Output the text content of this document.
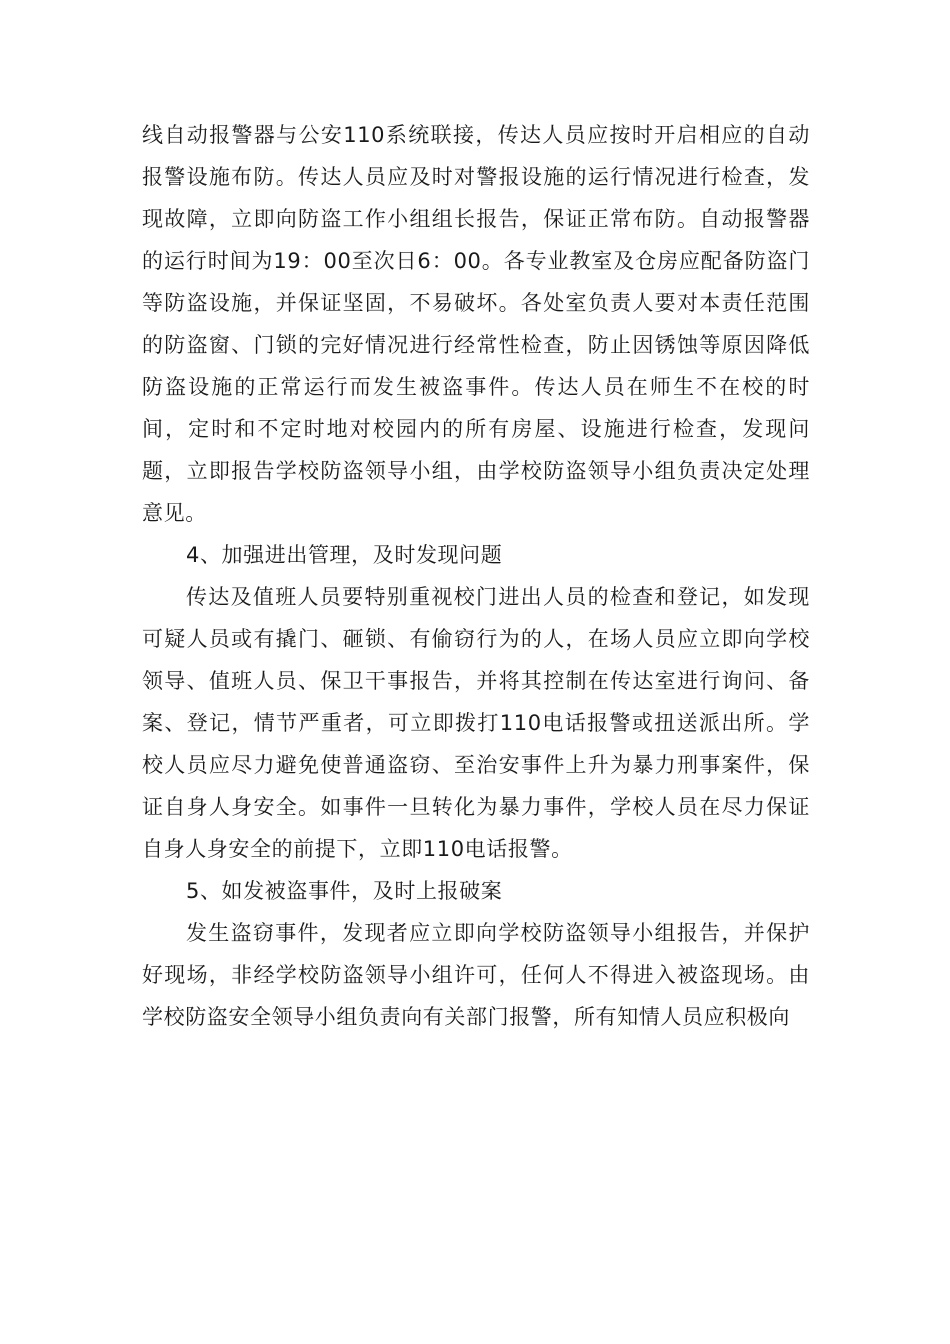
线自动报警器与公安110系统联接，传达人员应按时开启相应的自动报警设施布防。传达人员应及时对警报设施的运行情况进行检查，发现故障，立即向防盗工作小组组长报告，保证正常布防。自动报警器的运行时间为19：00至次日6：00。各专业教室及仓房应配备防盗门等防盗设施，并保证坚固，不易破坏。各处室负责人要对本责任范围的防盗窗、门锁的完好情况进行经常性检查，防止因锈蚀等原因降低防盗设施的正常运行而发生被盗事件。传达人员在师生不在校的时间，定时和不定时地对校园内的所有房屋、设施进行检查，发现问题，立即报告学校防盗领导小组，由学校防盗领导小组负责决定处理意见。

4、加强进出管理，及时发现问题

传达及值班人员要特别重视校门进出人员的检查和登记，如发现可疑人员或有撬门、砸锁、有偷窃行为的人，在场人员应立即向学校领导、值班人员、保卫干事报告，并将其控制在传达室进行询问、备案、登记，情节严重者，可立即拨打110电话报警或扭送派出所。学校人员应尽力避免使普通盗窃、至治安事件上升为暴力刑事案件，保证自身人身安全。如事件一旦转化为暴力事件，学校人员在尽力保证自身人身安全的前提下，立即110电话报警。

5、如发被盗事件，及时上报破案

发生盗窃事件，发现者应立即向学校防盗领导小组报告，并保护好现场，非经学校防盗领导小组许可，任何人不得进入被盗现场。由学校防盗安全领导小组负责向有关部门报警，所有知情人员应积极向
